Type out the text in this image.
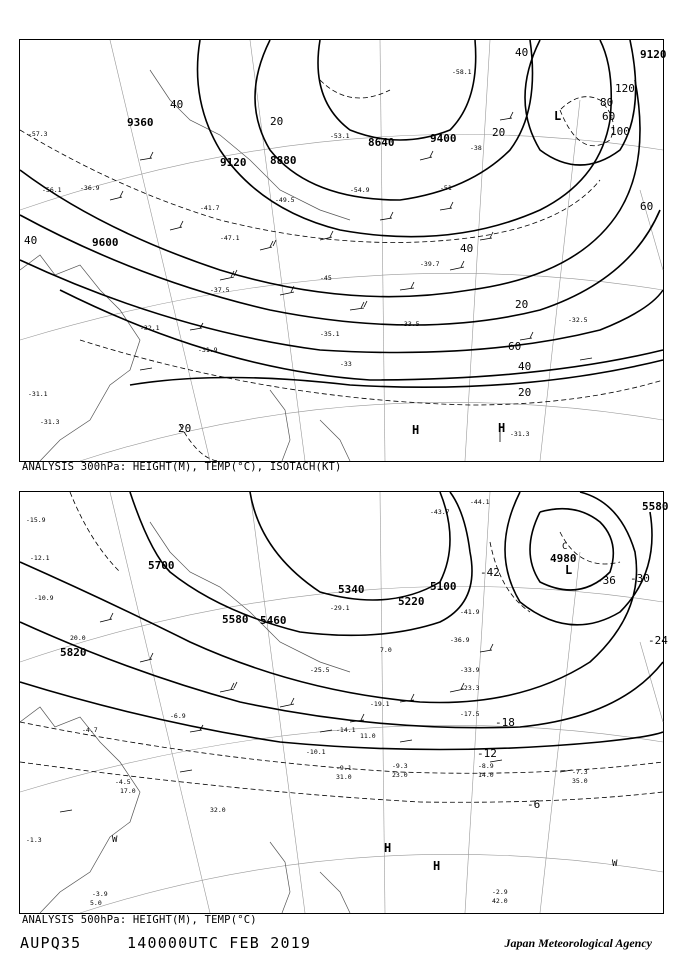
9120
9360
9600
8640
8880
9120
9400
40
40
20
20
20
40
60
80
100
120
60
40
20
40
60
20
-31.9
-31.1
-31.3
-33
-35.1
-37.5
-39.7
-41.7
-45
-47.1
-49.5
-51
-53.1
-54.9
-56.1
-57.3
-58.1
-32.5
-31.3
-32.1
-36.9
-38
-33.5
L
H	H
ANALYSIS 300hPa: HEIGHT(M), TEMP(°C), ISOTACH(KT)
5580
5700
5820
5580 5460
5340	5100
5220
4980
-42
-36 -30
-24
-18
-12
-6
-15.9
-12.1
-10.9
-6.9
-4.5
-4.7
-3.9
-1.3
-9.3
-9.1
-10.1
-14.1
-17.5
-19.1
-23.3
-25.5
-29.1
-33.9
-36.9
-41.9
-43.7
-44.1
-7.3
-8.9
-2.9
17.0
20.0
14.0
23.0
31.0	35.0
42.0
5.0
32.0
11.0
7.0
L
C
H
H	W
W
ANALYSIS 500hPa: HEIGHT(M), TEMP(°C)
AUPQ35	140000UTC FEB 2019	Japan Meteorological Agency
